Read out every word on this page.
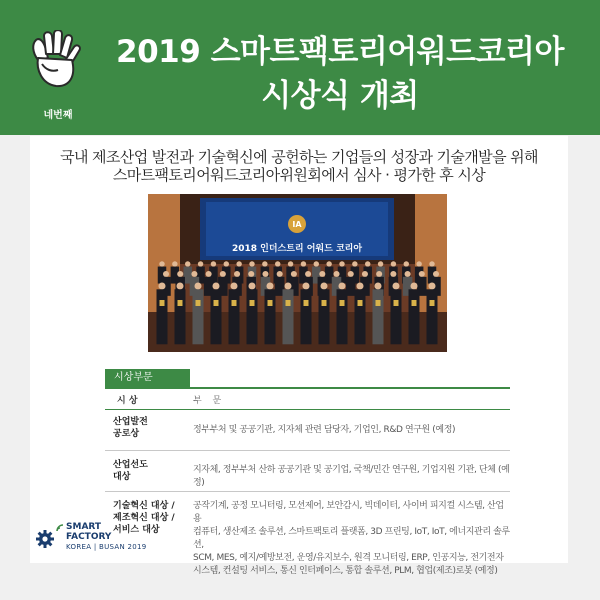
네번째
2019 스마트팩토리어워드코리아
시상식 개최
국내 제조산업 발전과 기술혁신에 공헌하는 기업들의 성장과 기술개발을 위해
스마트팩토리어워드코리아위원회에서 심사 · 평가한 후 시상
IA
2018 인더스트리 어워드 코리아
시상부문
시 상	부 문
산업발전
공로상	정부부처 및 공공기관, 지자체 관련 담당자, 기업인, R&D 연구원 (예정)
산업선도
대상
지자체, 정부부처 산하 공공기관 및 공기업, 국책/민간 연구원, 기업지원 기관, 단체 (예정)
기술혁신 대상 /
제조혁신 대상 /
서비스 대상
공작기계, 공정 모니터링, 모션제어, 보안감시, 빅데이터, 사이버 피지컬 시스템, 산업용
컴퓨터, 생산제조 솔루션, 스마트팩토리 플랫폼, 3D 프린팅, IoT, IoT, 에너지관리 솔루션,
SCM, MES, 예지/예방보전, 운영/유지보수, 원격 모니터링, ERP, 인공지능, 전기전자
시스템, 컨설팅 서비스, 통신 인터페이스, 통합 솔루션, PLM, 협업(제조)로봇 (예정)
SMART
FACTORY
KOREA | BUSAN 2019
